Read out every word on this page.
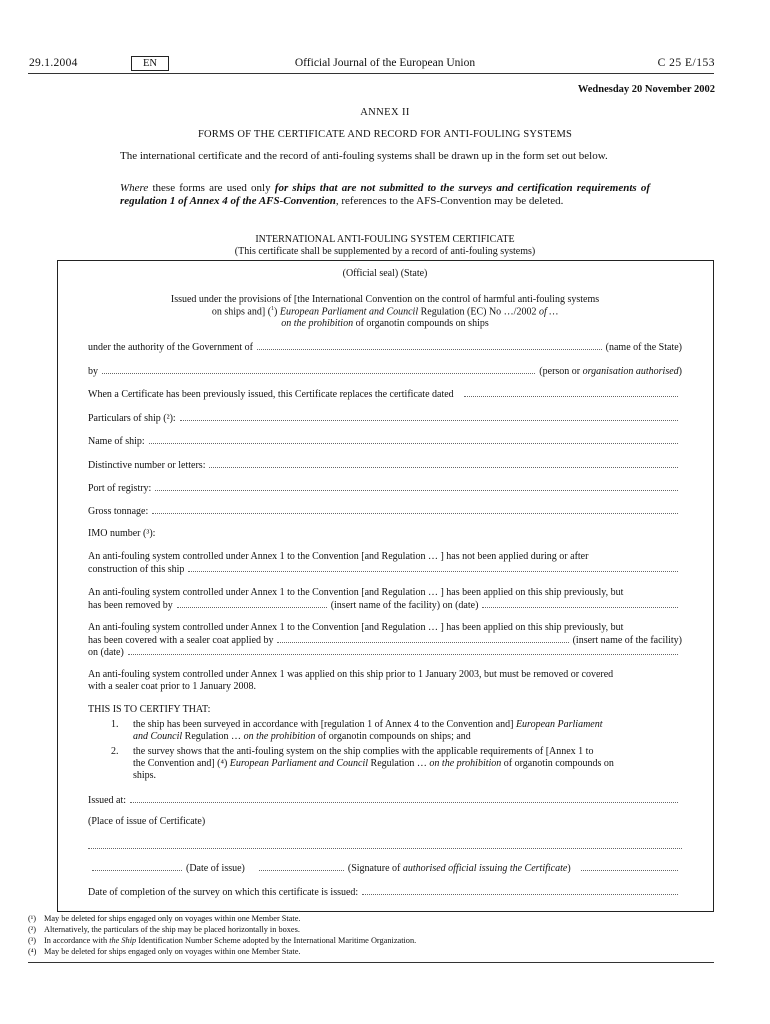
29.1.2004	EN	Official Journal of the European Union	C 25 E/153
Wednesday 20 November 2002
ANNEX II
FORMS OF THE CERTIFICATE AND RECORD FOR ANTI-FOULING SYSTEMS
The international certificate and the record of anti-fouling systems shall be drawn up in the form set out below.
Where these forms are used only for ships that are not submitted to the surveys and certification requirements of regulation 1 of Annex 4 of the AFS-Convention, references to the AFS-Convention may be deleted.
INTERNATIONAL ANTI-FOULING SYSTEM CERTIFICATE
(This certificate shall be supplemented by a record of anti-fouling systems)
(Official seal) (State)
Issued under the provisions of [the International Convention on the control of harmful anti-fouling systems
on ships and] ($^1$) European Parliament and Council Regulation (EC) No …/2002 of …
on the prohibition of organotin compounds on ships
under the authority of the Government of	(name of the State)
by	(person or organisation authorised)
When a Certificate has been previously issued, this Certificate replaces the certificate dated
Particulars of ship (²):
Name of ship:
Distinctive number or letters:
Port of registry:
Gross tonnage:
IMO number (³):
An anti-fouling system controlled under Annex 1 to the Convention [and Regulation … ] has not been applied during or after
construction of this ship
An anti-fouling system controlled under Annex 1 to the Convention [and Regulation … ] has been applied on this ship previously, but
has been removed by	(insert name of the facility) on (date)
An anti-fouling system controlled under Annex 1 to the Convention [and Regulation … ] has been applied on this ship previously, but
has been covered with a sealer coat applied by	(insert name of the facility)
on (date)
An anti-fouling system controlled under Annex 1 was applied on this ship prior to 1 January 2003, but must be removed or covered
with a sealer coat prior to 1 January 2008.
THIS IS TO CERTIFY THAT:
1. the ship has been surveyed in accordance with [regulation 1 of Annex 4 to the Convention and] European Parliament
and Council Regulation … on the prohibition of organotin compounds on ships; and
2. the survey shows that the anti-fouling system on the ship complies with the applicable requirements of [Annex 1 to
the Convention and] (⁴) European Parliament and Council Regulation … on the prohibition of organotin compounds on
ships.
Issued at:
(Place of issue of Certificate)
(Date of issue)	(Signature of authorised official issuing the Certificate)
Date of completion of the survey on which this certificate is issued:
(¹) May be deleted for ships engaged only on voyages within one Member State.
(²) Alternatively, the particulars of the ship may be placed horizontally in boxes.
(³) In accordance with the Ship Identification Number Scheme adopted by the International Maritime Organization.
(⁴) May be deleted for ships engaged only on voyages within one Member State.
